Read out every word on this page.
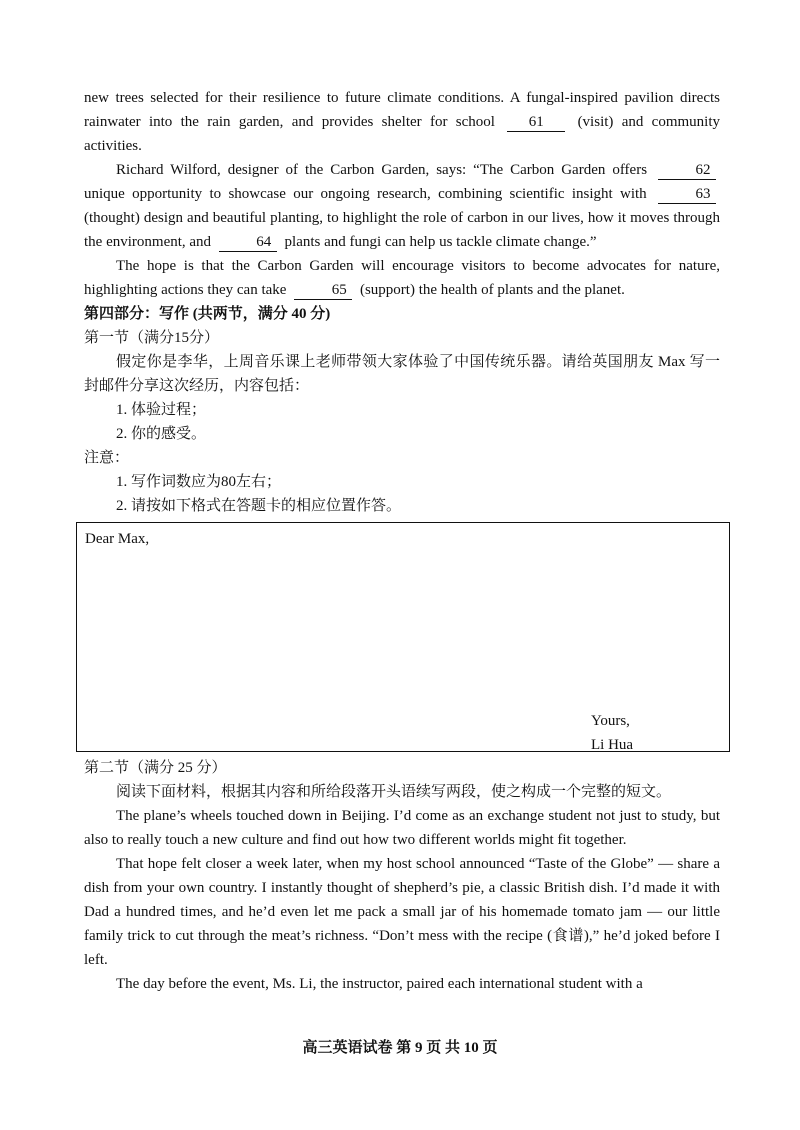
new trees selected for their resilience to future climate conditions. A fungal-inspired pavilion directs rainwater into the rain garden, and provides shelter for school 61 (visit) and community activities.

Richard Wilford, designer of the Carbon Garden, says: “The Carbon Garden offers	62 unique opportunity to showcase our ongoing research, combining scientific insight with	63 (thought) design and beautiful planting, to highlight the role of carbon in our lives, how it moves through the environment, and	64 plants and fungi can help us tackle climate change.”

The hope is that the Carbon Garden will encourage visitors to become advocates for nature, highlighting actions they can take	65 (support) the health of plants and the planet.

第四部分：写作 (共两节，满分 40 分)

第一节（满分15分）

假定你是李华，上周音乐课上老师带领大家体验了中国传统乐器。请给英国朋友 Max 写一封邮件分享这次经历，内容包括：

1. 体验过程；

2. 你的感受。

注意：

1. 写作词数应为80左右；

2. 请按如下格式在答题卡的相应位置作答。

Dear Max,
Yours,
Li Hua

第二节（满分 25 分）

阅读下面材料，根据其内容和所给段落开头语续写两段，使之构成一个完整的短文。

The plane’s wheels touched down in Beijing. I’d come as an exchange student not just to study, but also to really touch a new culture and find out how two different worlds might fit together.

That hope felt closer a week later, when my host school announced “Taste of the Globe” — share a dish from your own country. I instantly thought of shepherd’s pie, a classic British dish. I’d made it with Dad a hundred times, and he’d even let me pack a small jar of his homemade tomato jam — our little family trick to cut through the meat’s richness. “Don’t mess with the recipe (食谱),” he’d joked before I left.

The day before the event, Ms. Li, the instructor, paired each international student with a

高三英语试卷 第 9 页 共 10 页
